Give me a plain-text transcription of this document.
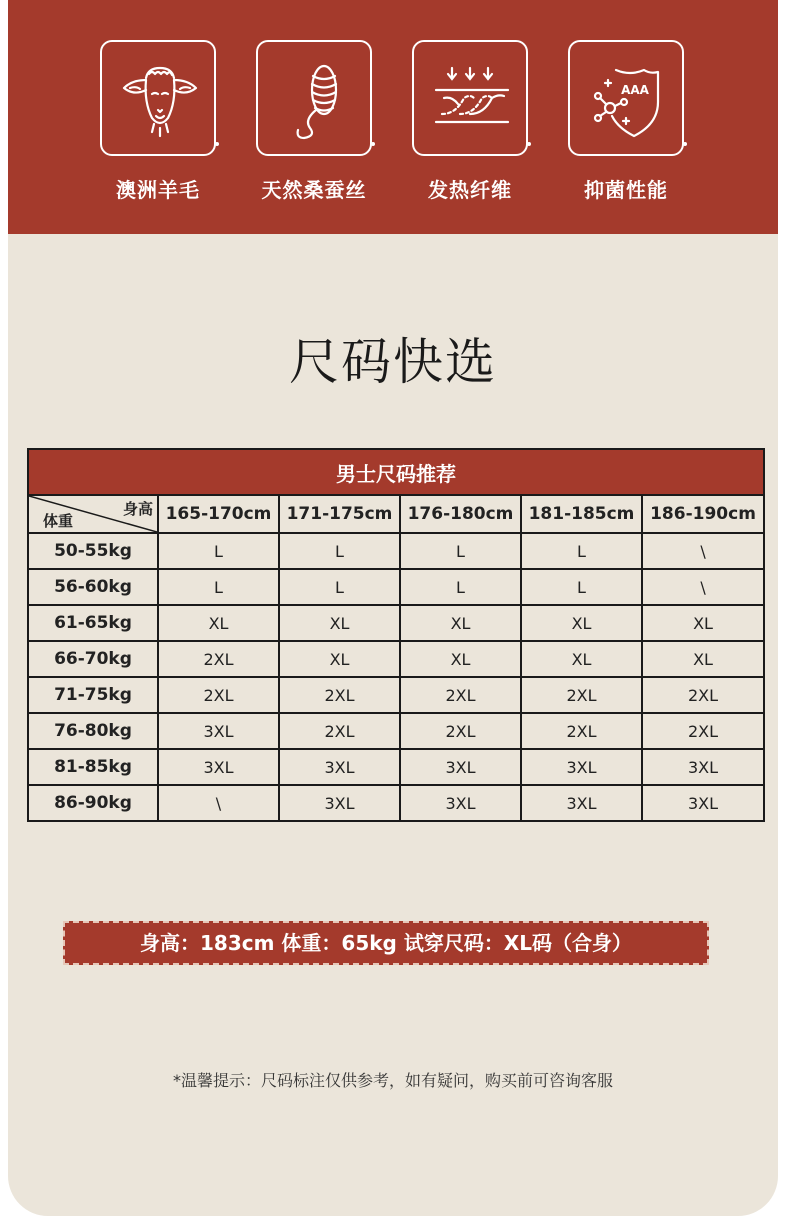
澳洲羊毛	天然桑蚕丝	发热纤维
AAA
抑菌性能
尺码快选
男士尺码推荐					

身高
体重	165-170cm	171-175cm	176-180cm	181-185cm	186-190cm
50-55kg	L	L	L	L	\
56-60kg	L	L	L	L	\
61-65kg	XL	XL	XL	XL	XL
66-70kg	2XL	XL	XL	XL	XL
71-75kg	2XL	2XL	2XL	2XL	2XL
76-80kg	3XL	2XL	2XL	2XL	2XL
81-85kg	3XL	3XL	3XL	3XL	3XL
86-90kg	\	3XL	3XL	3XL	3XL
身高：183cm 体重：65kg 试穿尺码：XL码（合身）
*温馨提示：尺码标注仅供参考，如有疑问，购买前可咨询客服
